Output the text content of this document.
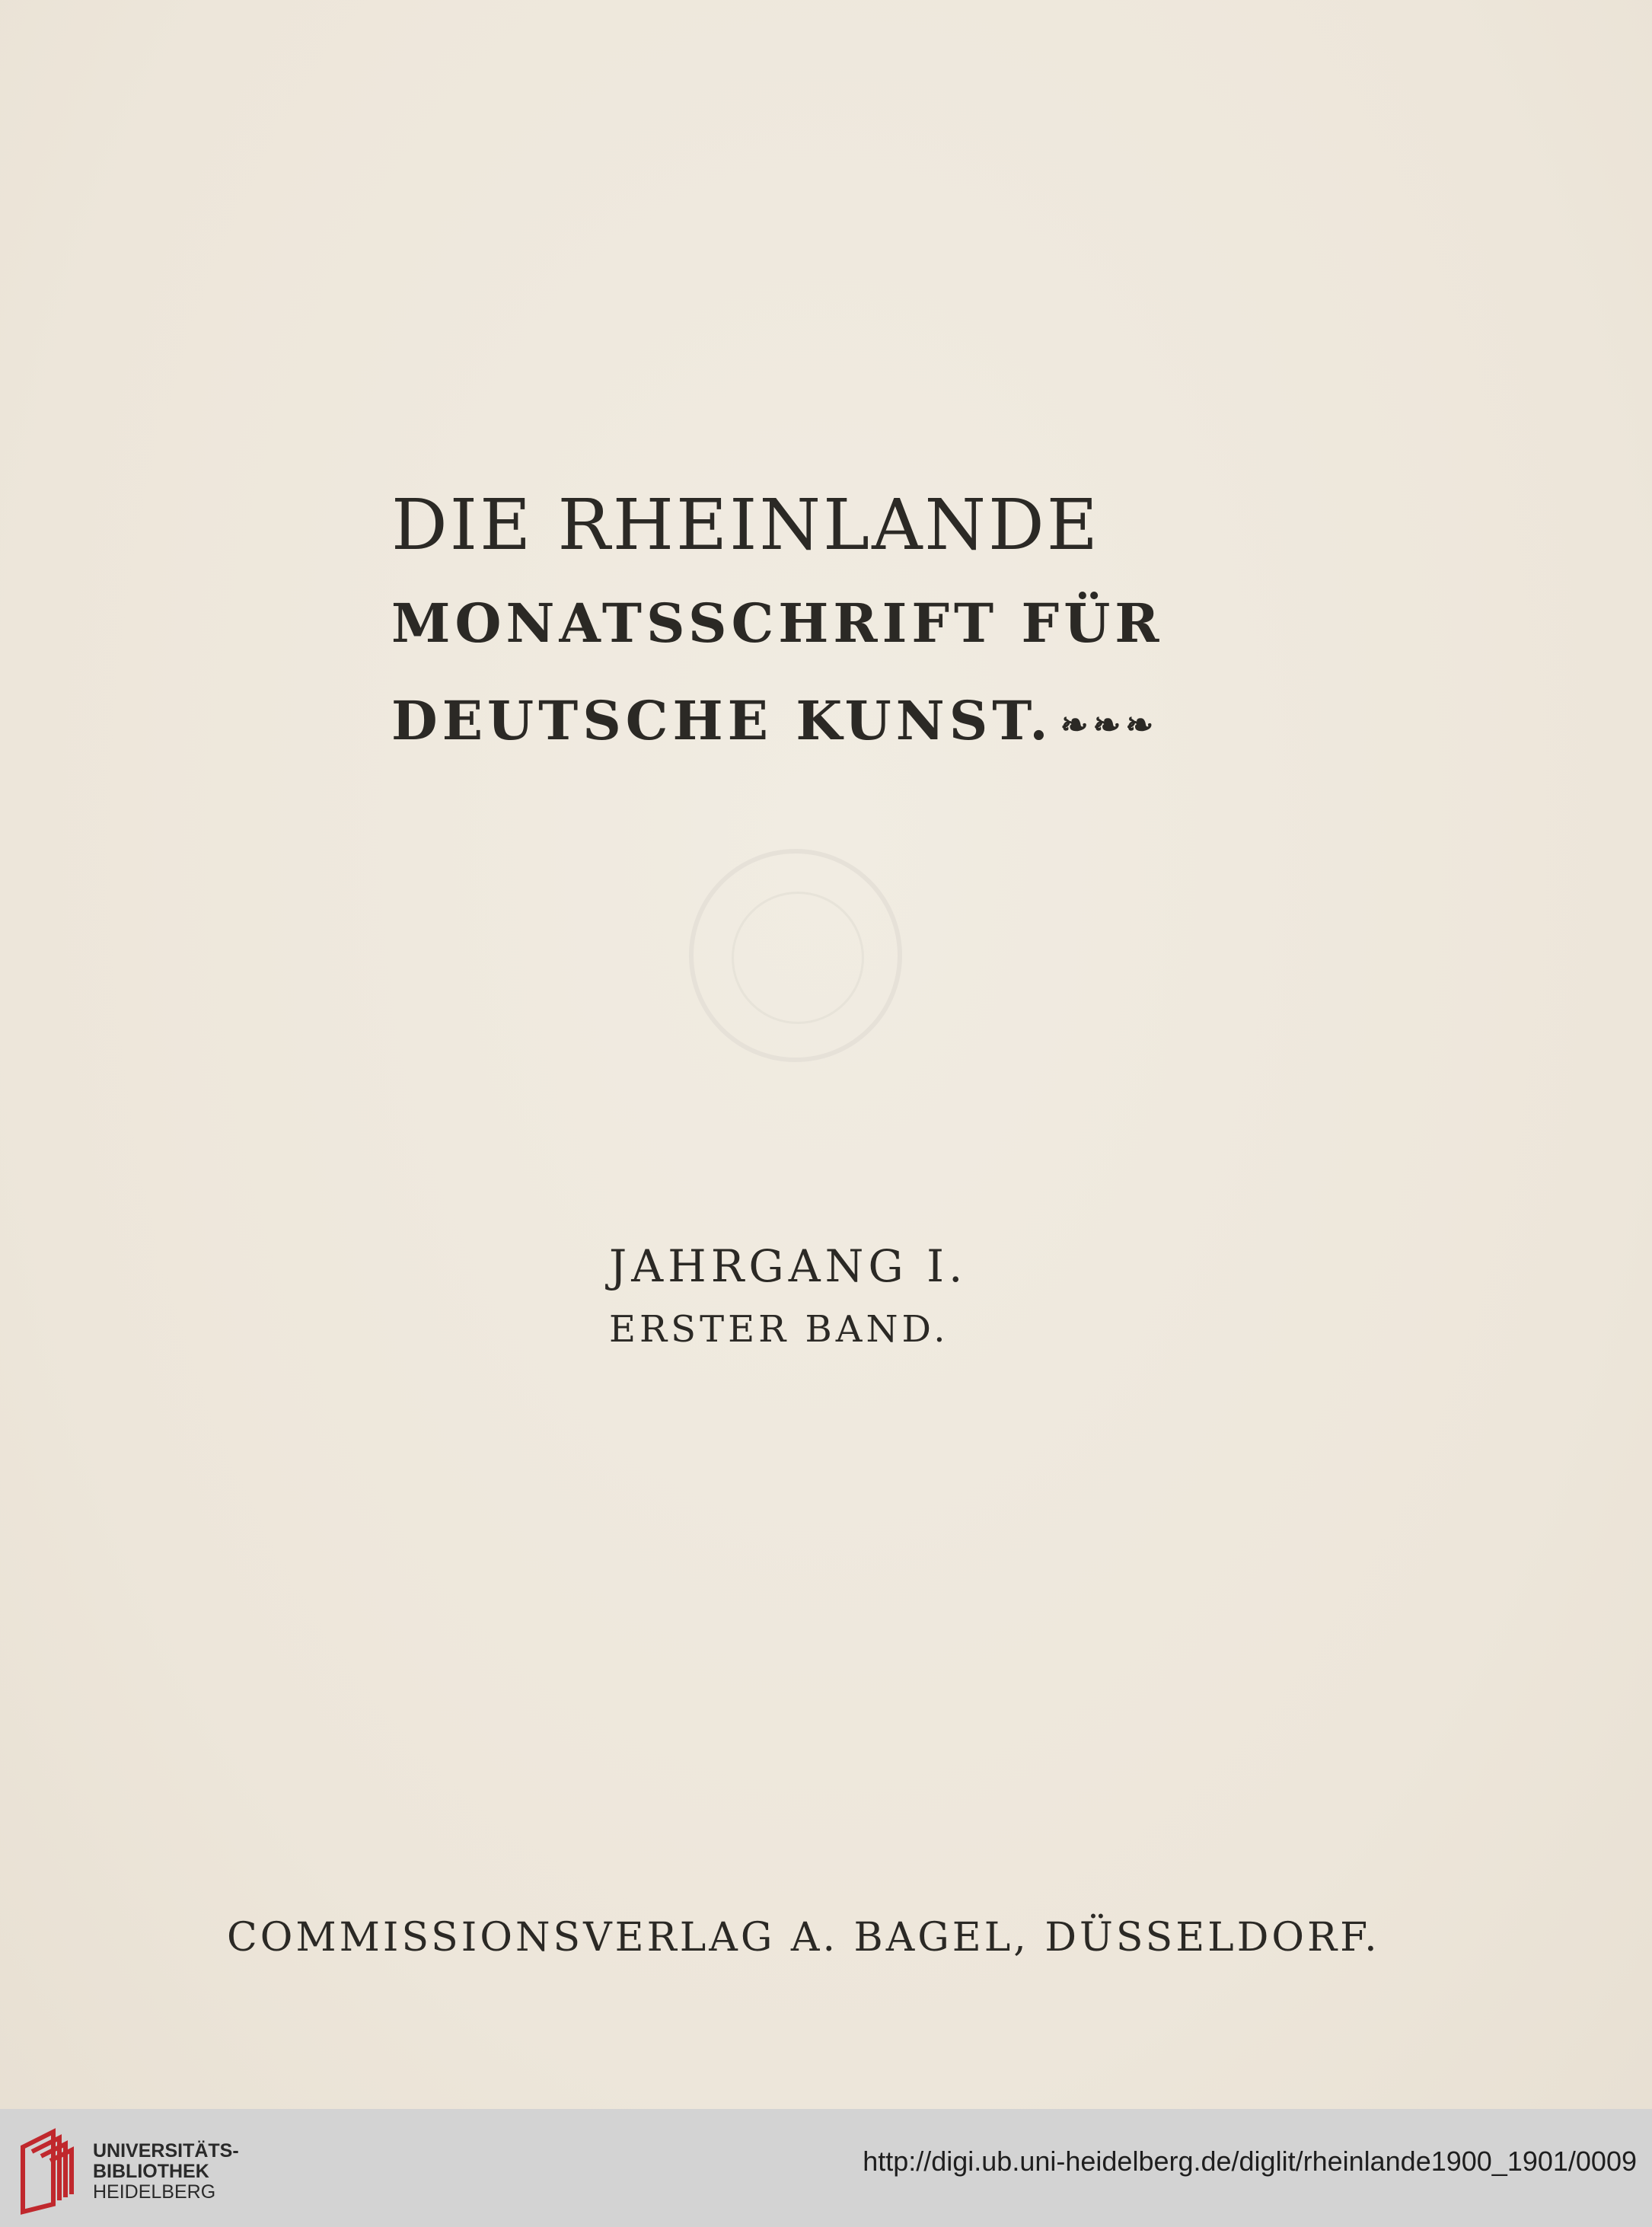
DIE RHEINLANDE
MONATSSCHRIFT FÜR
DEUTSCHE KUNST. ❧❧❧
JAHRGANG I.
ERSTER BAND.
COMMISSIONSVERLAG A. BAGEL, DÜSSELDORF.
UNIVERSITÄTS-
BIBLIOTHEK
HEIDELBERG
http://digi.ub.uni-heidelberg.de/diglit/rheinlande1900_1901/0009
